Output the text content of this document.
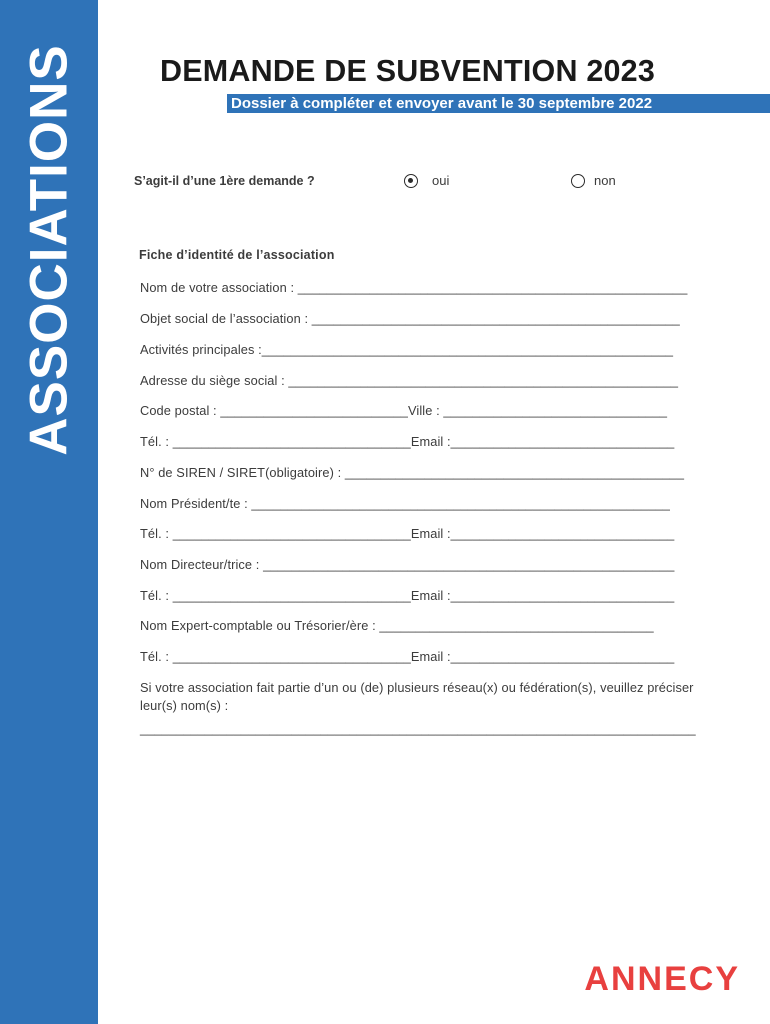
ASSOCIATIONS	DEMANDE DE SUBVENTION 2023
Dossier à compléter et envoyer avant le 30 septembre 2022
S’agit-il d’une 1ère demande ?	oui	non
Fiche d’identité de l’association
Nom de votre association : ______________________________________________________
Objet social de l’association : ___________________________________________________
Activités principales :_________________________________________________________
Adresse du siège social : ______________________________________________________
Code postal : __________________________Ville : _______________________________
Tél. : _________________________________Email :_______________________________
N° de SIREN / SIRET(obligatoire) : _______________________________________________
Nom Président/te : __________________________________________________________
Tél. : _________________________________Email :_______________________________
Nom Directeur/trice : _________________________________________________________
Tél. : _________________________________Email :_______________________________
Nom Expert-comptable ou Trésorier/ère : ______________________________________
Tél. : _________________________________Email :_______________________________
Si votre association fait partie d’un ou (de) plusieurs réseau(x) ou fédération(s), veuillez préciser leur(s) nom(s) :
_____________________________________________________________________________
ANNECY
